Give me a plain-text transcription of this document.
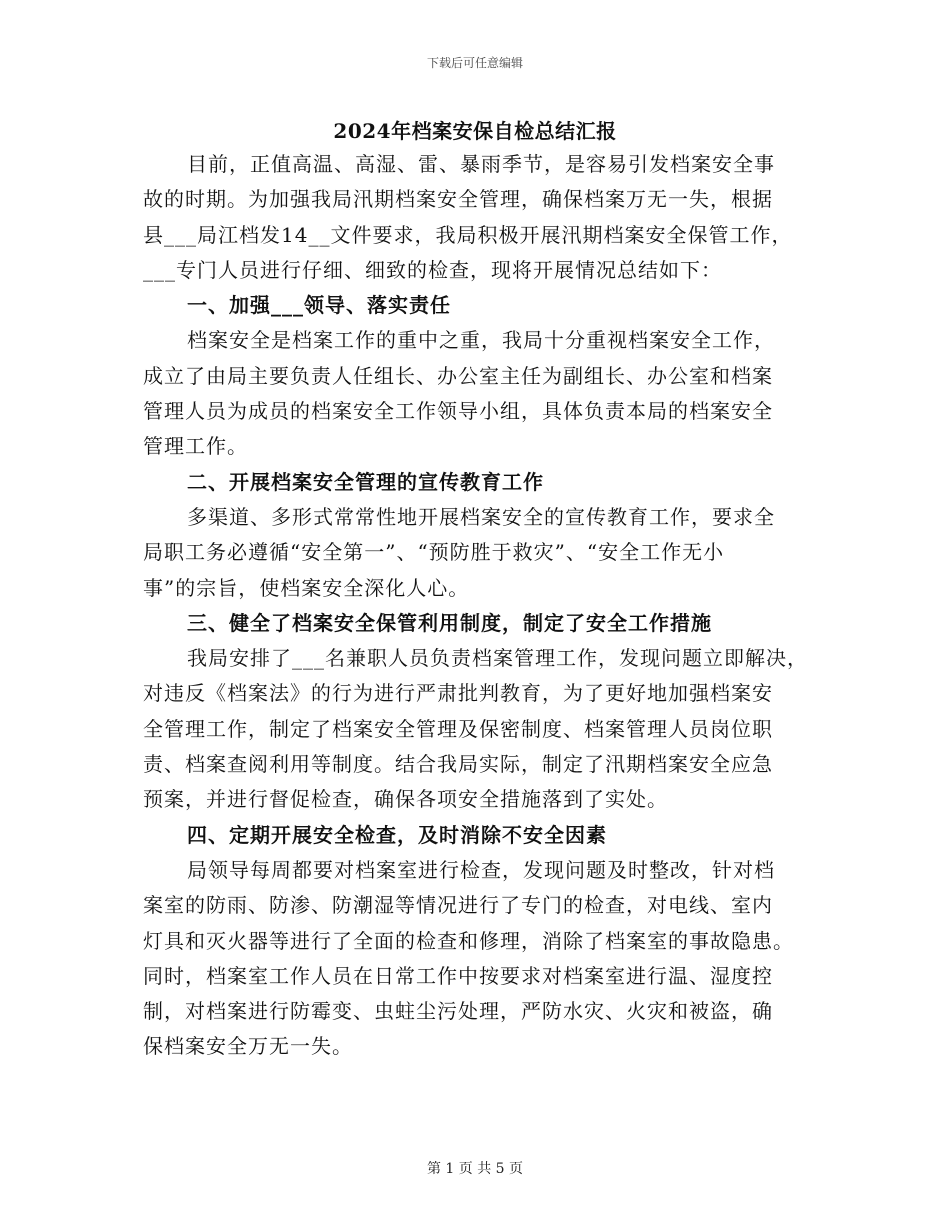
下载后可任意编辑
2024年档案安保自检总结汇报
目前，正值高温、高湿、雷、暴雨季节，是容易引发档案安全事
故的时期。为加强我局汛期档案安全管理，确保档案万无一失，根据
县___局江档发14__文件要求，我局积极开展汛期档案安全保管工作，
___专门人员进行仔细、细致的检查，现将开展情况总结如下：
一、加强___领导、落实责任
档案安全是档案工作的重中之重，我局十分重视档案安全工作，
成立了由局主要负责人任组长、办公室主任为副组长、办公室和档案
管理人员为成员的档案安全工作领导小组，具体负责本局的档案安全
管理工作。
二、开展档案安全管理的宣传教育工作
多渠道、多形式常常性地开展档案安全的宣传教育工作，要求全
局职工务必遵循“安全第一”、“预防胜于救灾”、“安全工作无小
事”的宗旨，使档案安全深化人心。
三、健全了档案安全保管利用制度，制定了安全工作措施
我局安排了___名兼职人员负责档案管理工作，发现问题立即解决，
对违反《档案法》的行为进行严肃批判教育，为了更好地加强档案安
全管理工作，制定了档案安全管理及保密制度、档案管理人员岗位职
责、档案查阅利用等制度。结合我局实际，制定了汛期档案安全应急
预案，并进行督促检查，确保各项安全措施落到了实处。
四、定期开展安全检查，及时消除不安全因素
局领导每周都要对档案室进行检查，发现问题及时整改，针对档
案室的防雨、防渗、防潮湿等情况进行了专门的检查，对电线、室内
灯具和灭火器等进行了全面的检查和修理，消除了档案室的事故隐患。
同时，档案室工作人员在日常工作中按要求对档案室进行温、湿度控
制，对档案进行防霉变、虫蛀尘污处理，严防水灾、火灾和被盗，确
保档案安全万无一失。
第 1 页 共 5 页
